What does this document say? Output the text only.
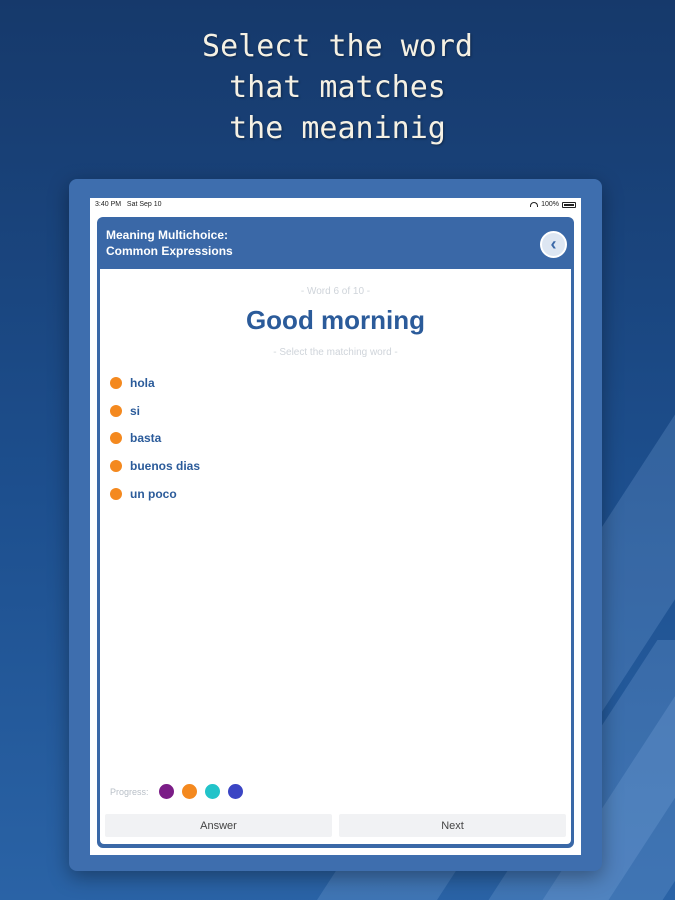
Select the word
that matches
the meaninig
3:40 PM Sat Sep 10	100%
Meaning Multichoice:
Common Expressions	‹
- Word 6 of 10 -
Good morning
- Select the matching word -
hola
si
basta
buenos dias
un poco
Progress:
Answer	Next
